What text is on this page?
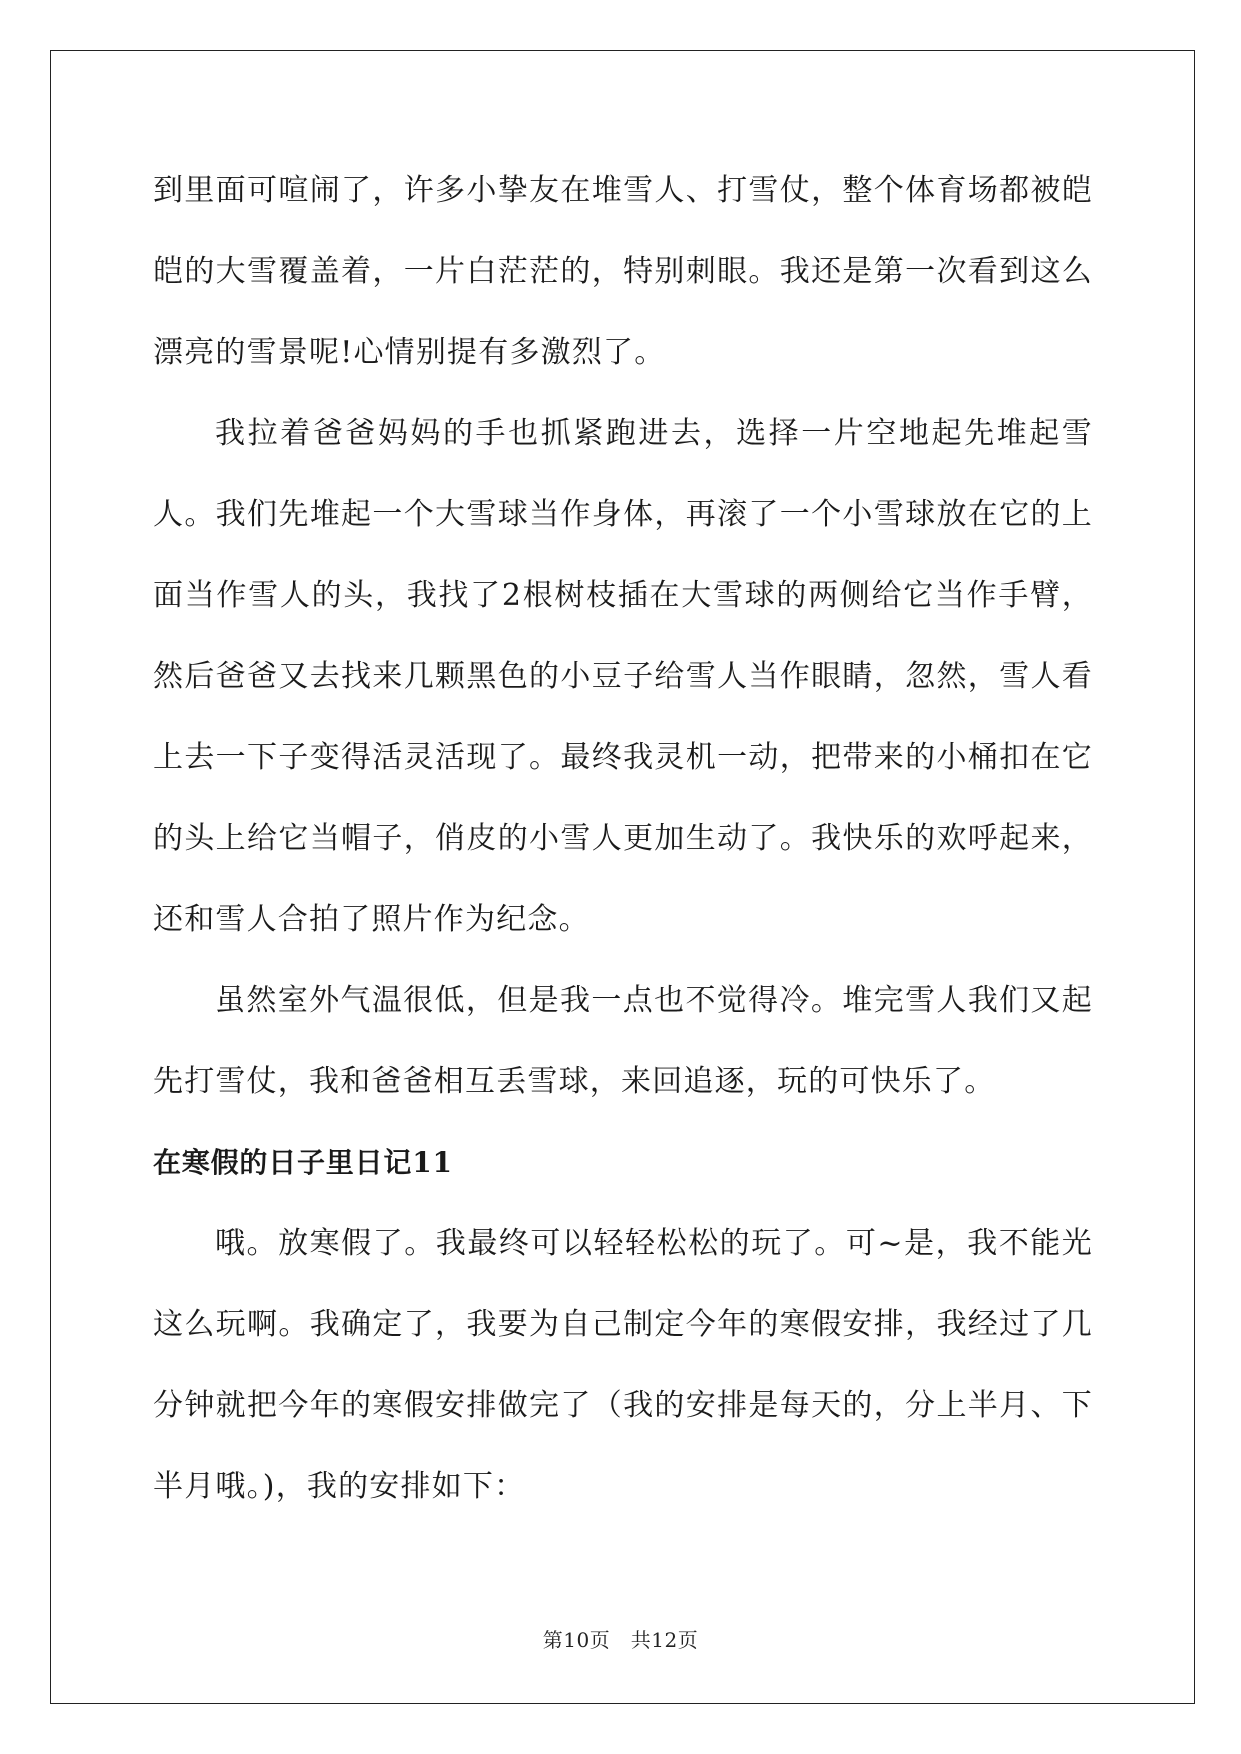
到里面可喧闹了，许多小挚友在堆雪人、打雪仗，整个体育场都被皑皑的大雪覆盖着，一片白茫茫的，特别刺眼。我还是第一次看到这么漂亮的雪景呢!心情别提有多激烈了。

我拉着爸爸妈妈的手也抓紧跑进去，选择一片空地起先堆起雪人。我们先堆起一个大雪球当作身体，再滚了一个小雪球放在它的上面当作雪人的头，我找了2根树枝插在大雪球的两侧给它当作手臂，然后爸爸又去找来几颗黑色的小豆子给雪人当作眼睛，忽然，雪人看上去一下子变得活灵活现了。最终我灵机一动，把带来的小桶扣在它的头上给它当帽子，俏皮的小雪人更加生动了。我快乐的欢呼起来，还和雪人合拍了照片作为纪念。

虽然室外气温很低，但是我一点也不觉得冷。堆完雪人我们又起先打雪仗，我和爸爸相互丢雪球，来回追逐，玩的可快乐了。

在寒假的日子里日记11

哦。放寒假了。我最终可以轻轻松松的玩了。可~是，我不能光这么玩啊。我确定了，我要为自己制定今年的寒假安排，我经过了几分钟就把今年的寒假安排做完了（我的安排是每天的，分上半月、下半月哦。)，我的安排如下：

第10页 共12页
